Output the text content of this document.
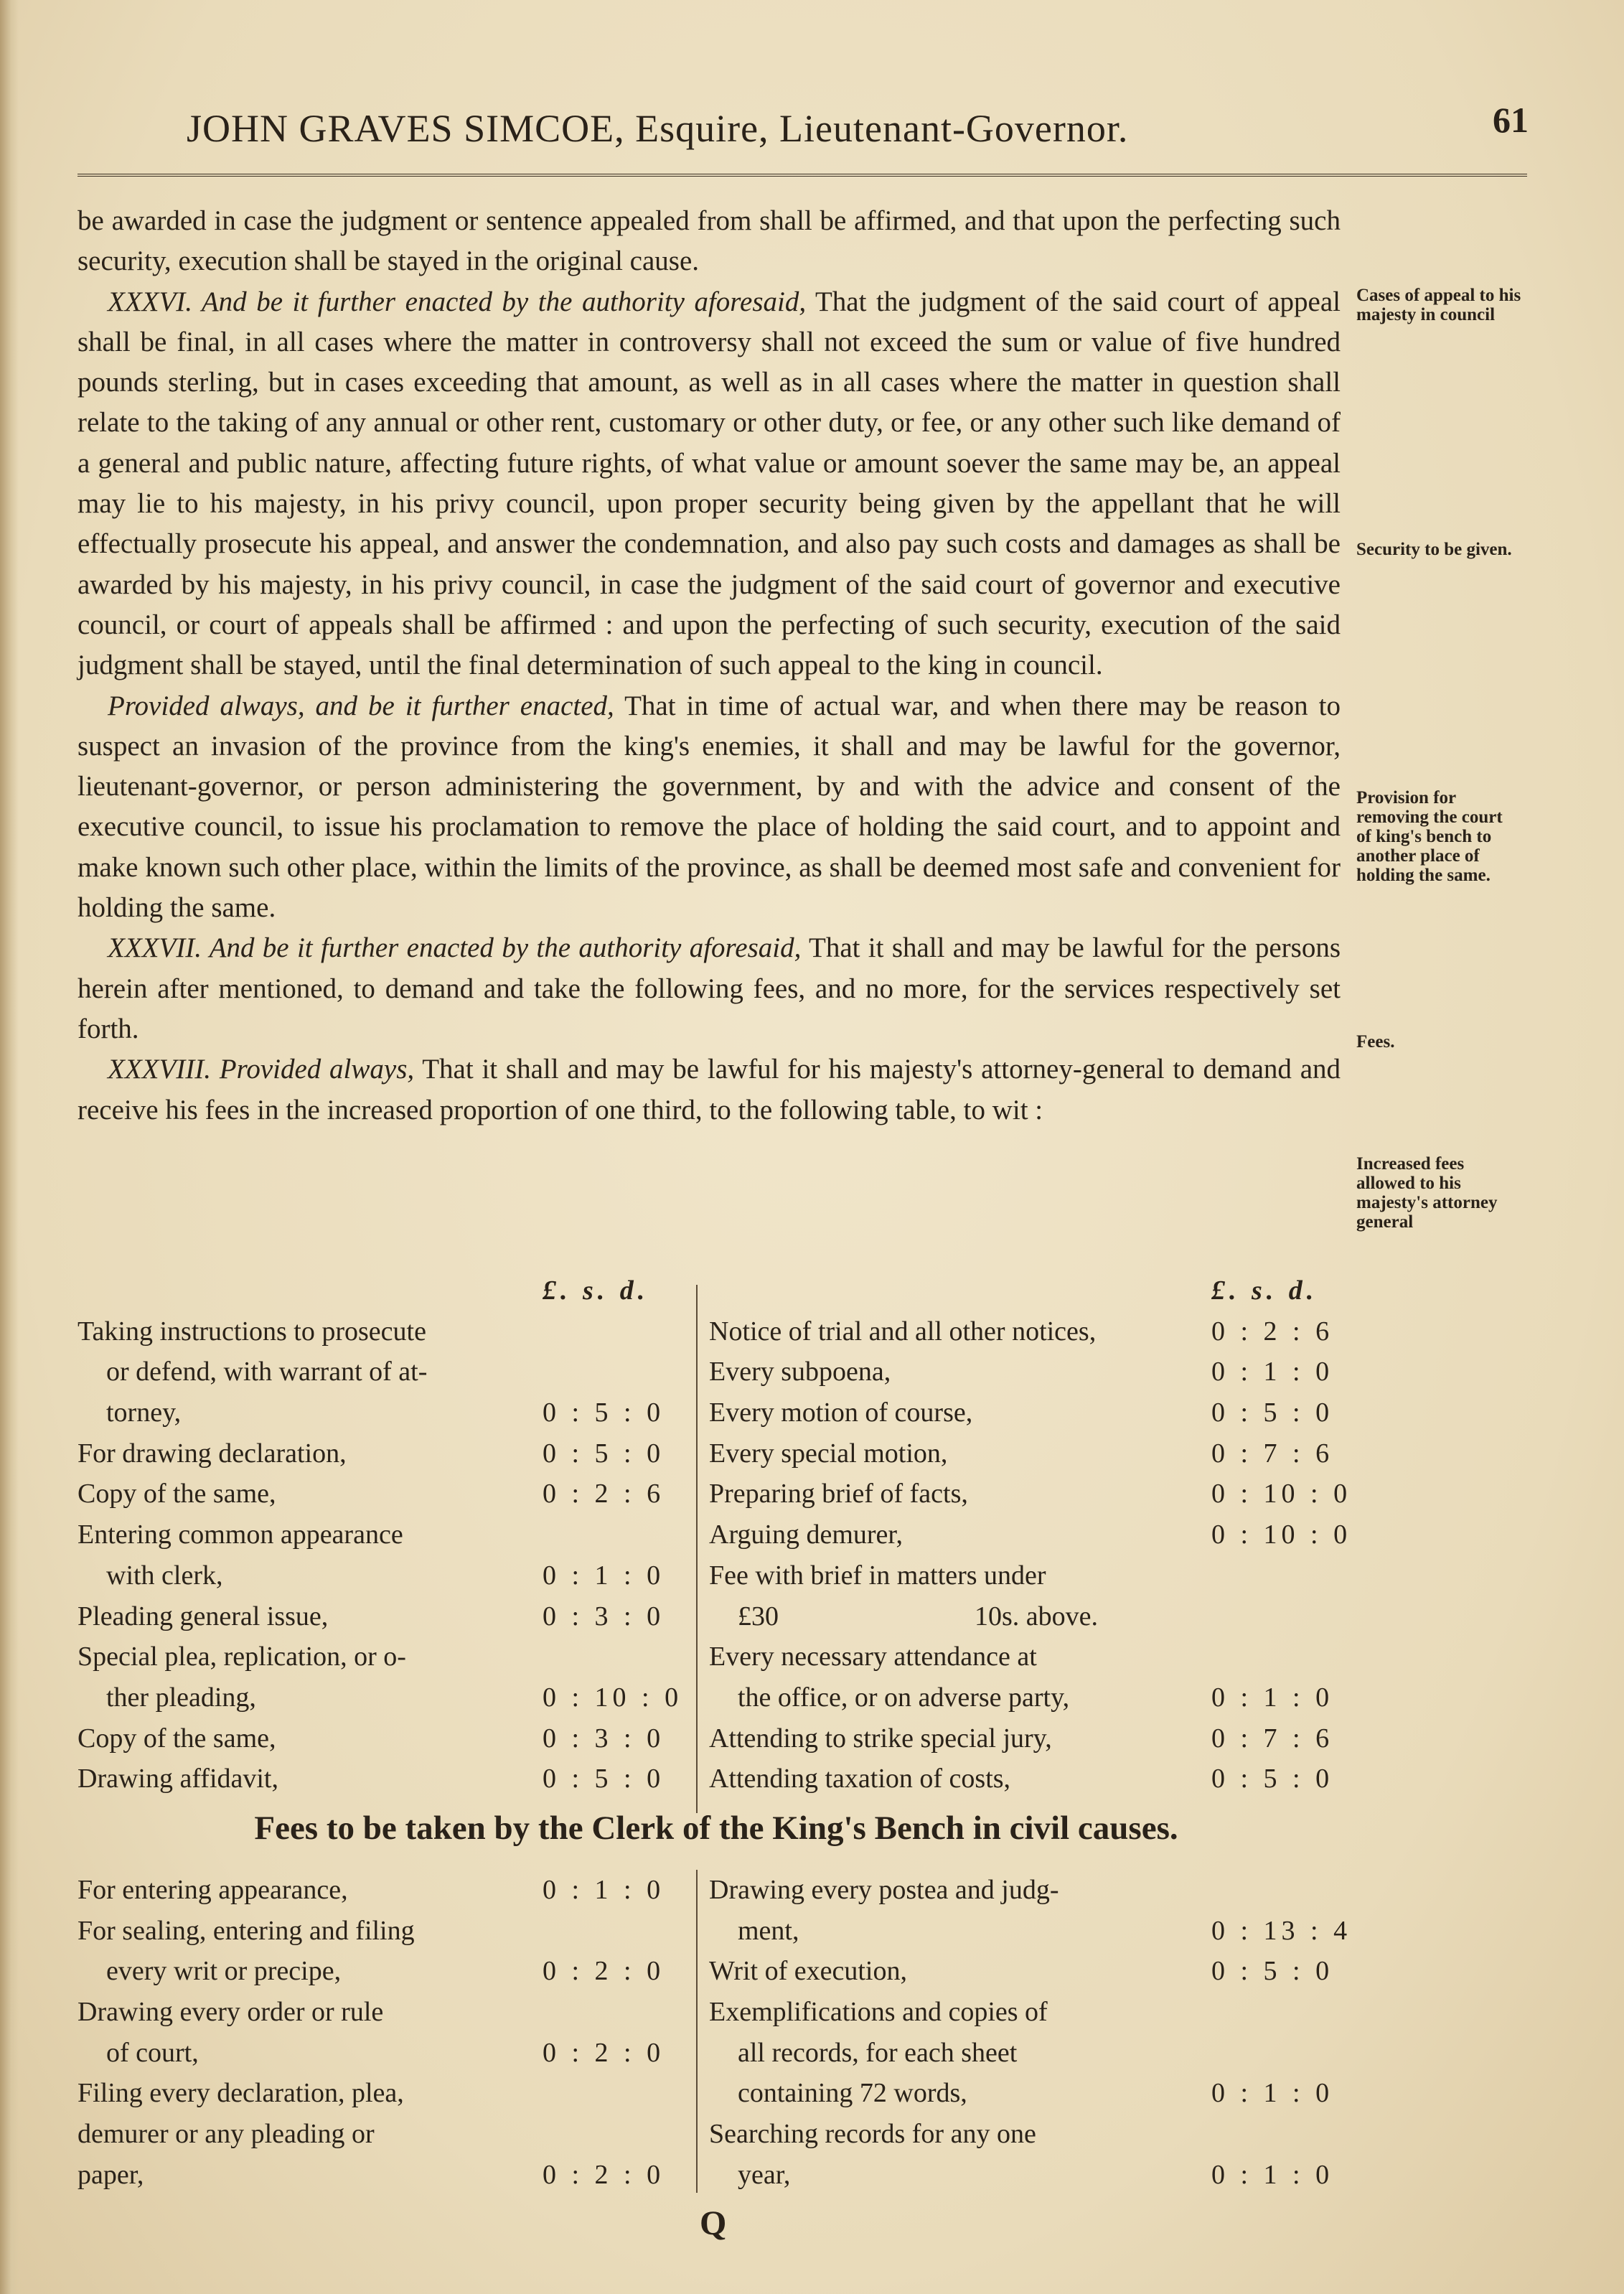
JOHN GRAVES SIMCOE, Esquire, Lieutenant-Governor.	61

be awarded in case the judgment or sentence appealed from shall be affirmed, and that upon the perfecting such security, execution shall be stayed in the original cause.

XXXVI. And be it further enacted by the authority aforesaid, That the judgment of the said court of appeal shall be final, in all cases where the matter in controversy shall not exceed the sum or value of five hundred pounds sterling, but in cases exceeding that amount, as well as in all cases where the matter in question shall relate to the taking of any annual or other rent, customary or other duty, or fee, or any other such like demand of a general and public nature, affecting future rights, of what value or amount soever the same may be, an appeal may lie to his majesty, in his privy council, upon proper security being given by the appellant that he will effectually prosecute his appeal, and answer the condemnation, and also pay such costs and damages as shall be awarded by his majesty, in his privy council, in case the judgment of the said court of governor and executive council, or court of appeals shall be affirmed : and upon the perfecting of such security, execution of the said judgment shall be stayed, until the final determination of such appeal to the king in council.

Provided always, and be it further enacted, That in time of actual war, and when there may be reason to suspect an invasion of the province from the king's enemies, it shall and may be lawful for the governor, lieutenant-governor, or person administering the government, by and with the advice and consent of the executive council, to issue his proclamation to remove the place of holding the said court, and to appoint and make known such other place, within the limits of the province, as shall be deemed most safe and convenient for holding the same.

XXXVII. And be it further enacted by the authority aforesaid, That it shall and may be lawful for the persons herein after mentioned, to demand and take the following fees, and no more, for the services respectively set forth.

XXXVIII. Provided always, That it shall and may be lawful for his majesty's attorney-general to demand and receive his fees in the increased proportion of one third, to the following table, to wit :

Cases of appeal to his majesty in council
Security to be given.
Provision for removing the court of king's bench to another place of holding the same.
Fees.
Increased fees allowed to his majesty's attorney general
£. s. d.
Taking instructions to prosecute
or defend, with warrant of at-
torney,	0 : 5 : 0
For drawing declaration,	0 : 5 : 0
Copy of the same,	0 : 2 : 6
Entering common appearance
with clerk,	0 : 1 : 0
Pleading general issue,	0 : 3 : 0
Special plea, replication, or o-
ther pleading,	0 : 10 : 0
Copy of the same,	0 : 3 : 0
Drawing affidavit,	0 : 5 : 0
£. s. d.
Notice of trial and all other notices,	0 : 2 : 6
Every subpoena,	0 : 1 : 0
Every motion of course,	0 : 5 : 0
Every special motion,	0 : 7 : 6
Preparing brief of facts,	0 : 10 : 0
Arguing demurer,	0 : 10 : 0
Fee with brief in matters under
£30	10s. above.
Every necessary attendance at
the office, or on adverse party,	0 : 1 : 0
Attending to strike special jury,	0 : 7 : 6
Attending taxation of costs,	0 : 5 : 0
Fees to be taken by the Clerk of the King's Bench in civil causes.
For entering appearance,	0 : 1 : 0
For sealing, entering and filing
every writ or precipe,	0 : 2 : 0
Drawing every order or rule
of court,	0 : 2 : 0
Filing every declaration, plea,
demurer or any pleading or
paper,	0 : 2 : 0
Drawing every postea and judg-
ment,	0 : 13 : 4
Writ of execution,	0 : 5 : 0
Exemplifications and copies of
all records, for each sheet
containing 72 words,	0 : 1 : 0
Searching records for any one
year,	0 : 1 : 0
Q
